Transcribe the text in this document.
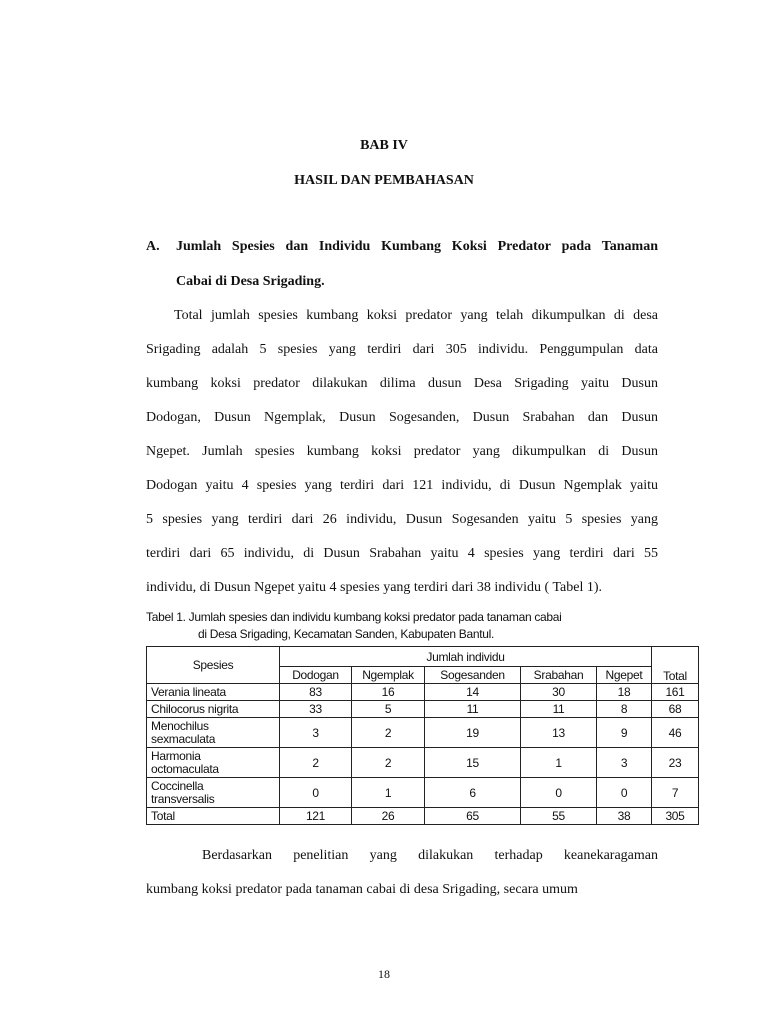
BAB IV
HASIL DAN PEMBAHASAN
A. Jumlah Spesies dan Individu Kumbang Koksi Predator pada Tanaman
Cabai di Desa Srigading.
Total jumlah spesies kumbang koksi predator yang telah dikumpulkan di desa
Srigading adalah 5 spesies yang terdiri dari 305 individu. Penggumpulan data
kumbang koksi predator dilakukan dilima dusun Desa Srigading yaitu Dusun
Dodogan, Dusun Ngemplak, Dusun Sogesanden, Dusun Srabahan dan Dusun
Ngepet. Jumlah spesies kumbang koksi predator yang dikumpulkan di Dusun
Dodogan yaitu 4 spesies yang terdiri dari 121 individu, di Dusun Ngemplak yaitu
5 spesies yang terdiri dari 26 individu, Dusun Sogesanden yaitu 5 spesies yang
terdiri dari 65 individu, di Dusun Srabahan yaitu 4 spesies yang terdiri dari 55
individu, di Dusun Ngepet yaitu 4 spesies yang terdiri dari 38 individu ( Tabel 1).
Tabel 1. Jumlah spesies dan individu kumbang koksi predator pada tanaman cabai
di Desa Srigading, Kecamatan Sanden, Kabupaten Bantul.
Spesies	Jumlah individu					Total
	Dodogan	Ngemplak	Sogesanden	Srabahan	Ngepet	
Verania lineata	83	16	14	30	18	161
Chilocorus nigrita	33	5	11	11	8	68
Menochilus
sexmaculata	3	2	19	13	9	46
Harmonia
octomaculata	2	2	15	1	3	23
Coccinella
transversalis	0	1	6	0	0	7
Total	121	26	65	55	38	305
Berdasarkan penelitian yang dilakukan terhadap keanekaragaman
kumbang koksi predator pada tanaman cabai di desa Srigading, secara umum
18
